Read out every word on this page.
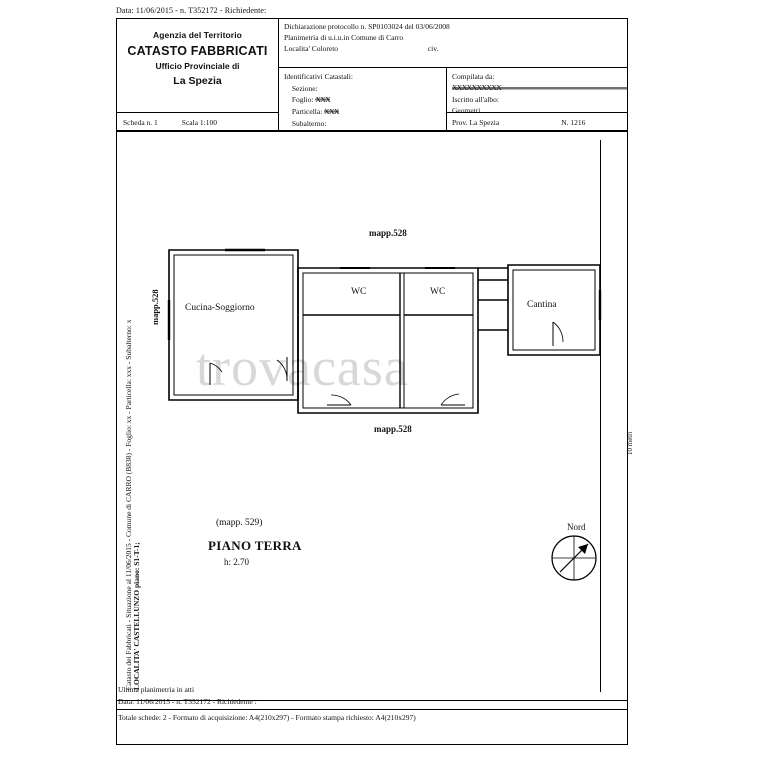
Data: 11/06/2015 - n. T352172 - Richiedente:
Agenzia del Territorio
CATASTO FABBRICATI
Ufficio Provinciale di
La Spezia
Scheda n. 1	Scala 1:100
Dichiarazione protocollo n. SP0103024 del 03/06/2008
Planimetria di u.i.u.in Comune di Carro
Localita' Coloreto	civ.
Identificativi Catastali:
Sezione:
Foglio: XXX
Particella: XXX
Subalterno:
Compilata da:
XXXXXXXXXX
Iscritto all'albo:
Geometri
Prov. La Spezia	N. 1216
Catasto dei Fabbricati - Situazione al 11/06/2015 - Comune di CARRO (B838) - Foglio: xx - Particella: xxx - Subalterno: x LOCALITA' CASTELLUNZO piano: S1-T-1;
mapp.528
10 metri
trovacasa
Cucina-Soggiorno
WC	WC
Cantina
mapp.528
mapp.528
(mapp. 529)
PIANO TERRA
h: 2.70
Nord
Ultima planimetria in atti
Data: 11/06/2015 - n. T352172 - Richiedente :
Totale schede: 2 - Formato di acquisizione: A4(210x297) - Formato stampa richiesto: A4(210x297)
